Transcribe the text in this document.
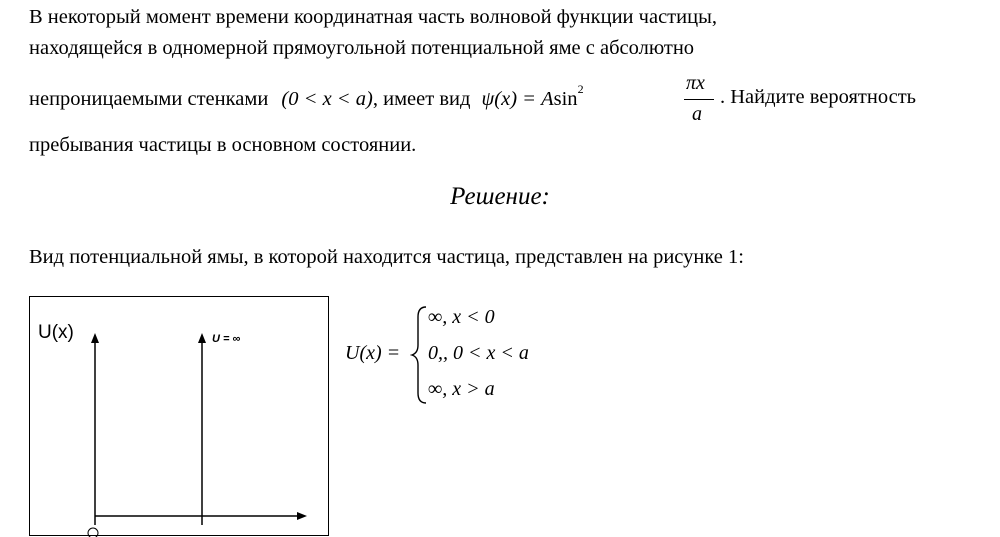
В некоторый момент времени координатная часть волновой функции частицы,
находящейся в одномерной прямоугольной потенциальной яме с абсолютно
непроницаемыми стенками (0 < x < a), имеет вид ψ(x) = Asin$^2$	πx
a
. Найдите вероятность
пребывания частицы в основном состоянии.
Решение:
Вид потенциальной ямы, в которой находится частица, представлен на рисунке 1:
U(x)	U = ∞
U(x) =
∞, x < 0
0,, 0 < x < a
∞, x > a
